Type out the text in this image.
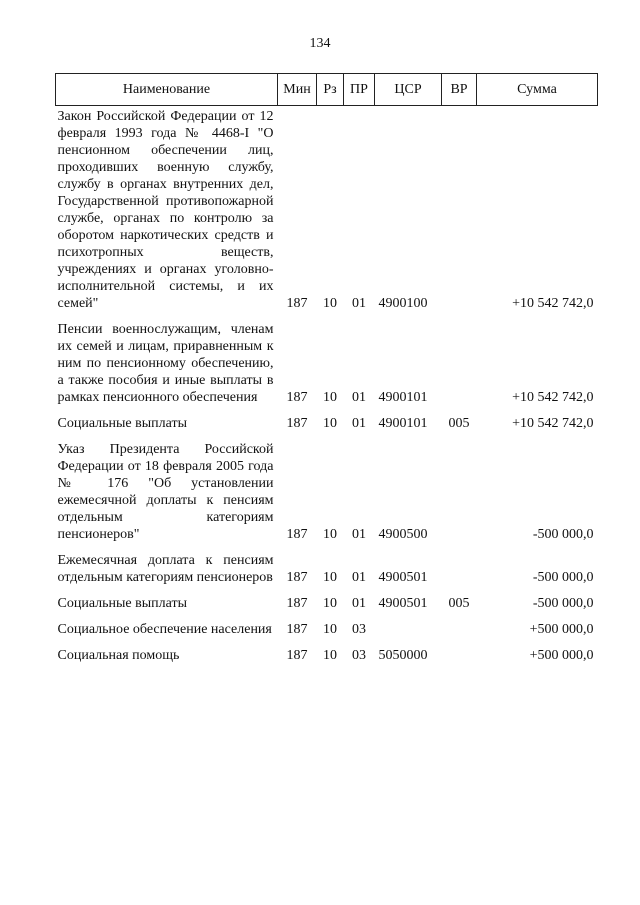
134
Наименование	Мин	Рз	ПР	ЦСР	ВР	Сумма
Закон Российской Федерации от 12 февраля 1993 года № 4468-I "О пенсионном обеспечении лиц, проходивших военную службу, службу в органах внутренних дел, Государственной противопожарной службе, органах по контролю за оборотом наркотических средств и психотропных веществ, учреждениях и органах уголовно-исполнительной системы, и их семей"	187	10	01	4900100		+10 542 742,0
Пенсии военнослужащим, членам их семей и лицам, приравненным к ним по пенсионному обеспечению, а также пособия и иные выплаты в рамках пенсионного обеспечения	187	10	01	4900101		+10 542 742,0
Социальные выплаты	187	10	01	4900101	005	+10 542 742,0
Указ Президента Российской Федерации от 18 февраля 2005 года № 176 "Об установлении ежемесячной доплаты к пенсиям отдельным категориям пенсионеров"	187	10	01	4900500		-500 000,0
Ежемесячная доплата к пенсиям отдельным категориям пенсионеров	187	10	01	4900501		-500 000,0
Социальные выплаты	187	10	01	4900501	005	-500 000,0
Социальное обеспечение населения	187	10	03			+500 000,0
Социальная помощь	187	10	03	5050000		+500 000,0
